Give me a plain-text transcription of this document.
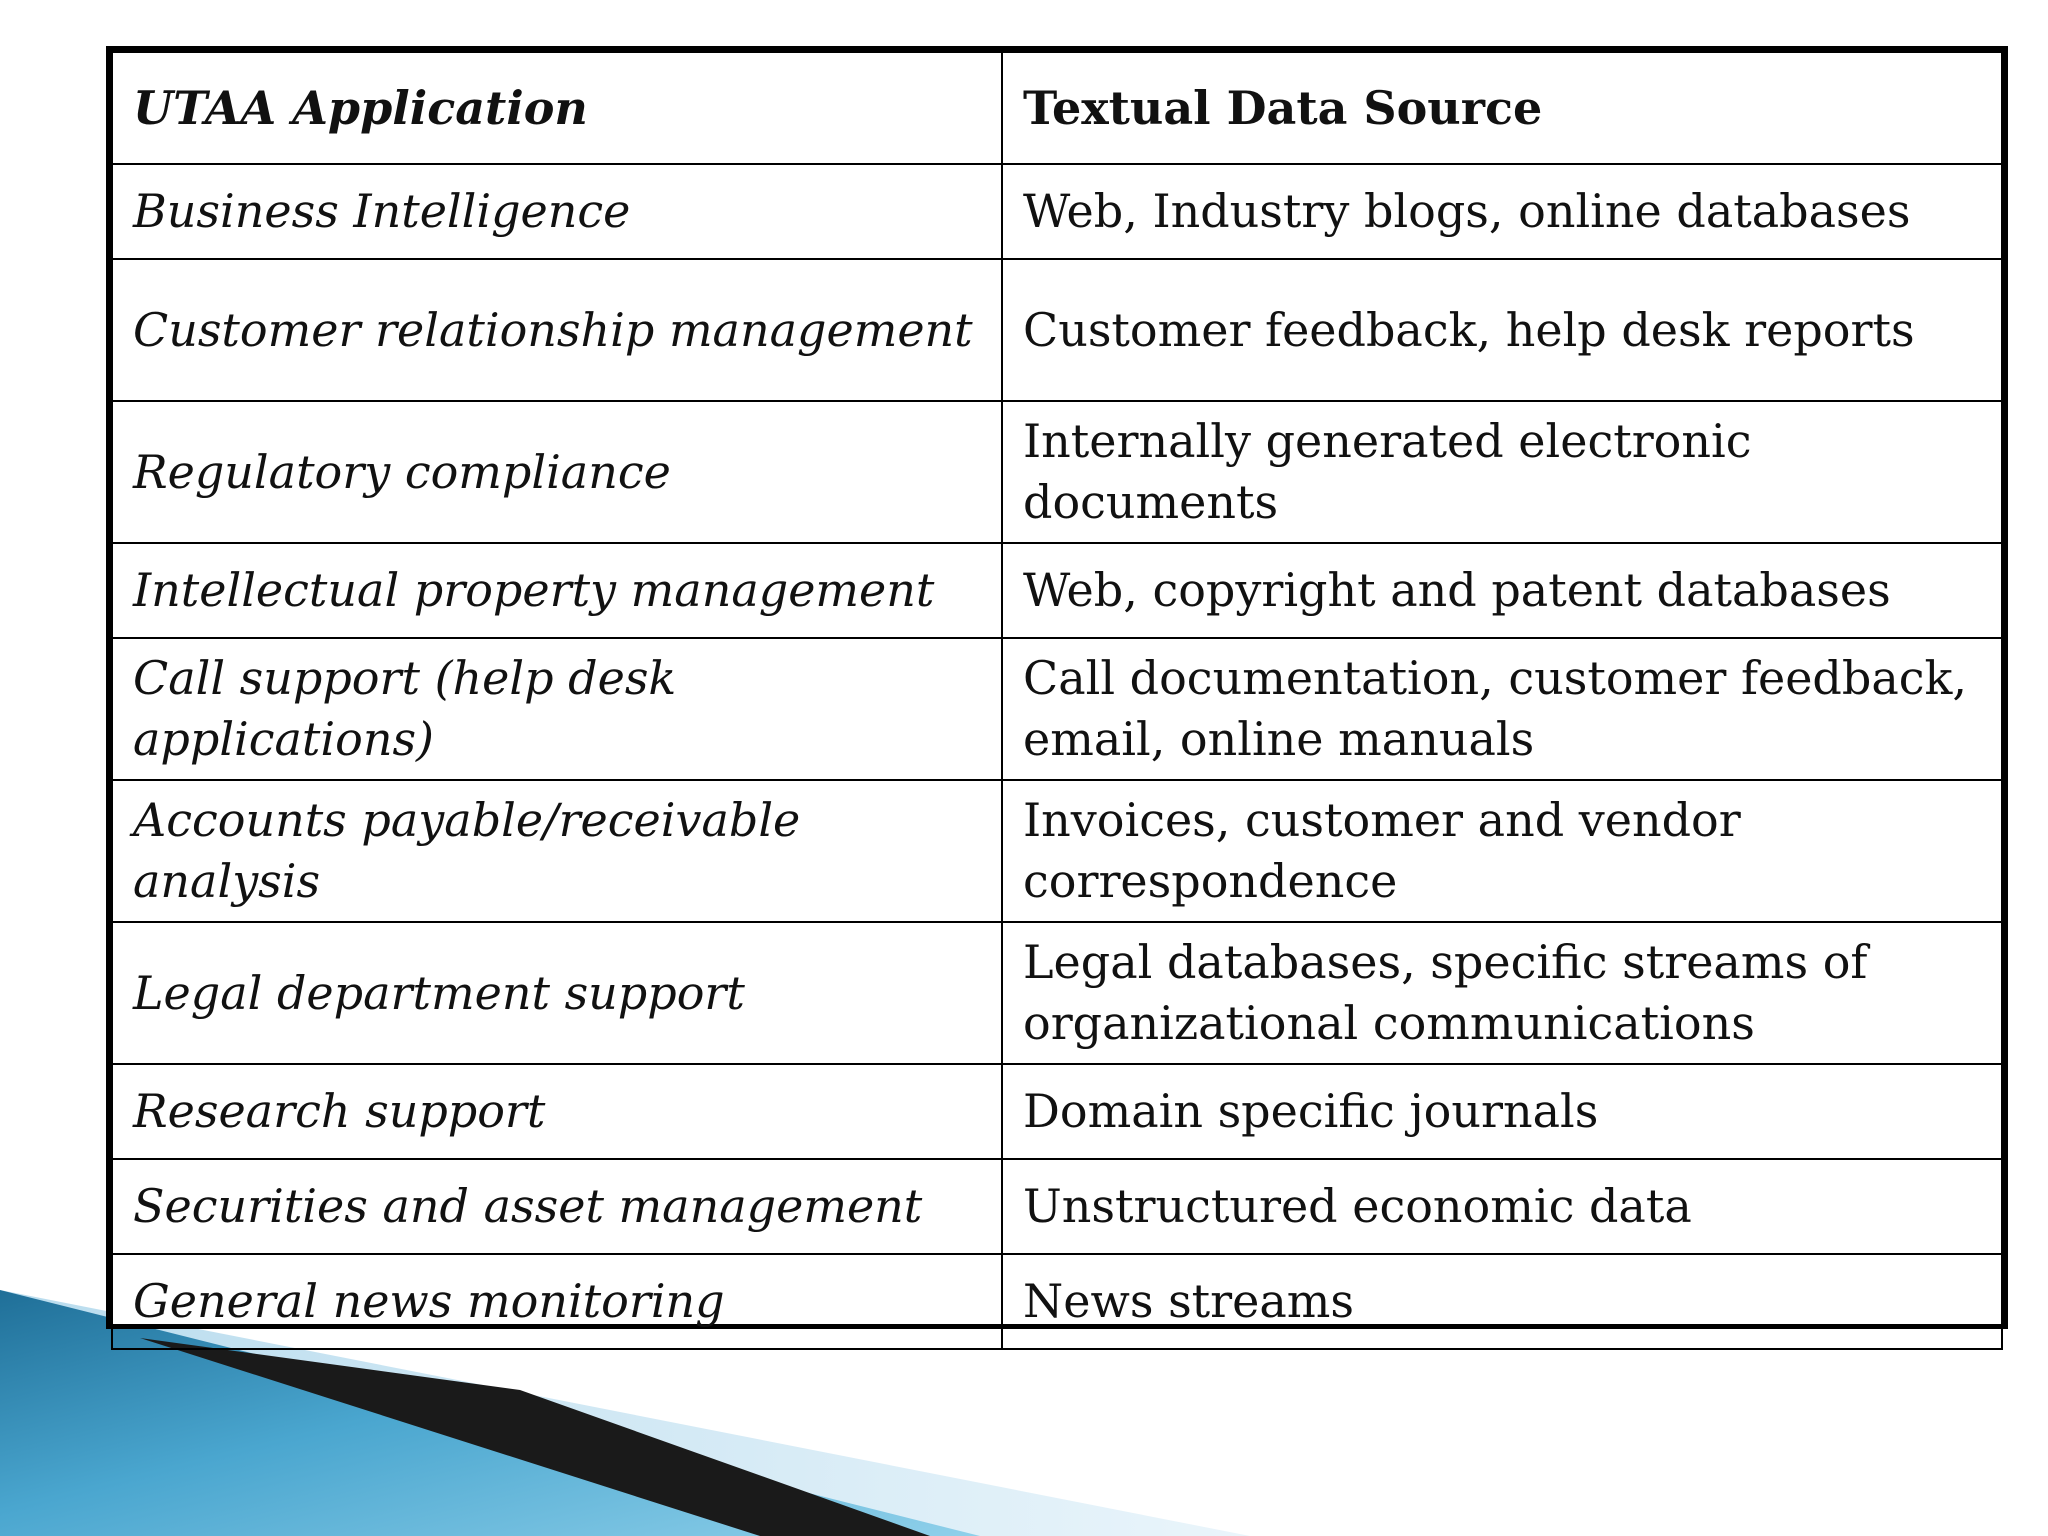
UTAA Application	Textual Data Source
Business Intelligence	Web, Industry blogs, online databases
Customer relationship management	Customer feedback, help desk reports
Regulatory compliance	Internally generated electronic documents
Intellectual property management	Web, copyright and patent databases
Call support (help desk applications)	Call documentation, customer feedback, email, online manuals
Accounts payable/receivable analysis	Invoices, customer and vendor correspondence
Legal department support	Legal databases, specific streams of organizational communications
Research support	Domain specific journals
Securities and asset management	Unstructured economic data
General news monitoring	News streams
